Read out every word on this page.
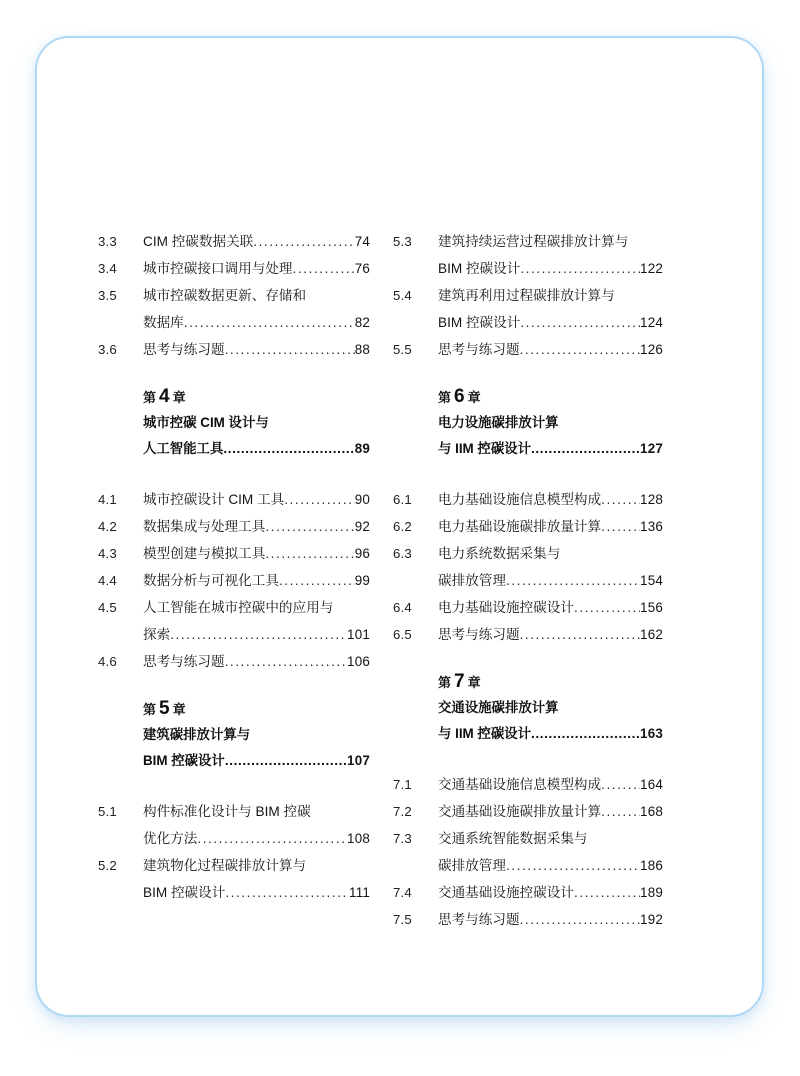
3.3	CIM 控碳数据关联 .....	74
3.4	城市控碳接口调用与处理 .....	76
3.5	城市控碳数据更新、存储和
数据库 .....	82
3.6	思考与练习题 .....	88
第 4 章
城市控碳 CIM 设计与
人工智能工具 .....	89
4.1	城市控碳设计 CIM 工具 .....	90
4.2	数据集成与处理工具 .....	92
4.3	模型创建与模拟工具 .....	96
4.4	数据分析与可视化工具 .....	99
4.5	人工智能在城市控碳中的应用与
探索 .....	101
4.6	思考与练习题 .....	106
第 5 章
建筑碳排放计算与
BIM 控碳设计 .....	107
5.1	构件标准化设计与 BIM 控碳
优化方法 .....	108
5.2	建筑物化过程碳排放计算与
BIM 控碳设计 .....	111
5.3	建筑持续运营过程碳排放计算与
BIM 控碳设计 .....	122
5.4	建筑再利用过程碳排放计算与
BIM 控碳设计 .....	124
5.5	思考与练习题 .....	126
第 6 章
电力设施碳排放计算
与 IIM 控碳设计 .....	127
6.1	电力基础设施信息模型构成 .....	128
6.2	电力基础设施碳排放量计算 .....	136
6.3	电力系统数据采集与
碳排放管理 .....	154
6.4	电力基础设施控碳设计 .....	156
6.5	思考与练习题 .....	162
第 7 章
交通设施碳排放计算
与 IIM 控碳设计 .....	163
7.1	交通基础设施信息模型构成 .....	164
7.2	交通基础设施碳排放量计算 .....	168
7.3	交通系统智能数据采集与
碳排放管理 .....	186
7.4	交通基础设施控碳设计 .....	189
7.5	思考与练习题 .....	192
